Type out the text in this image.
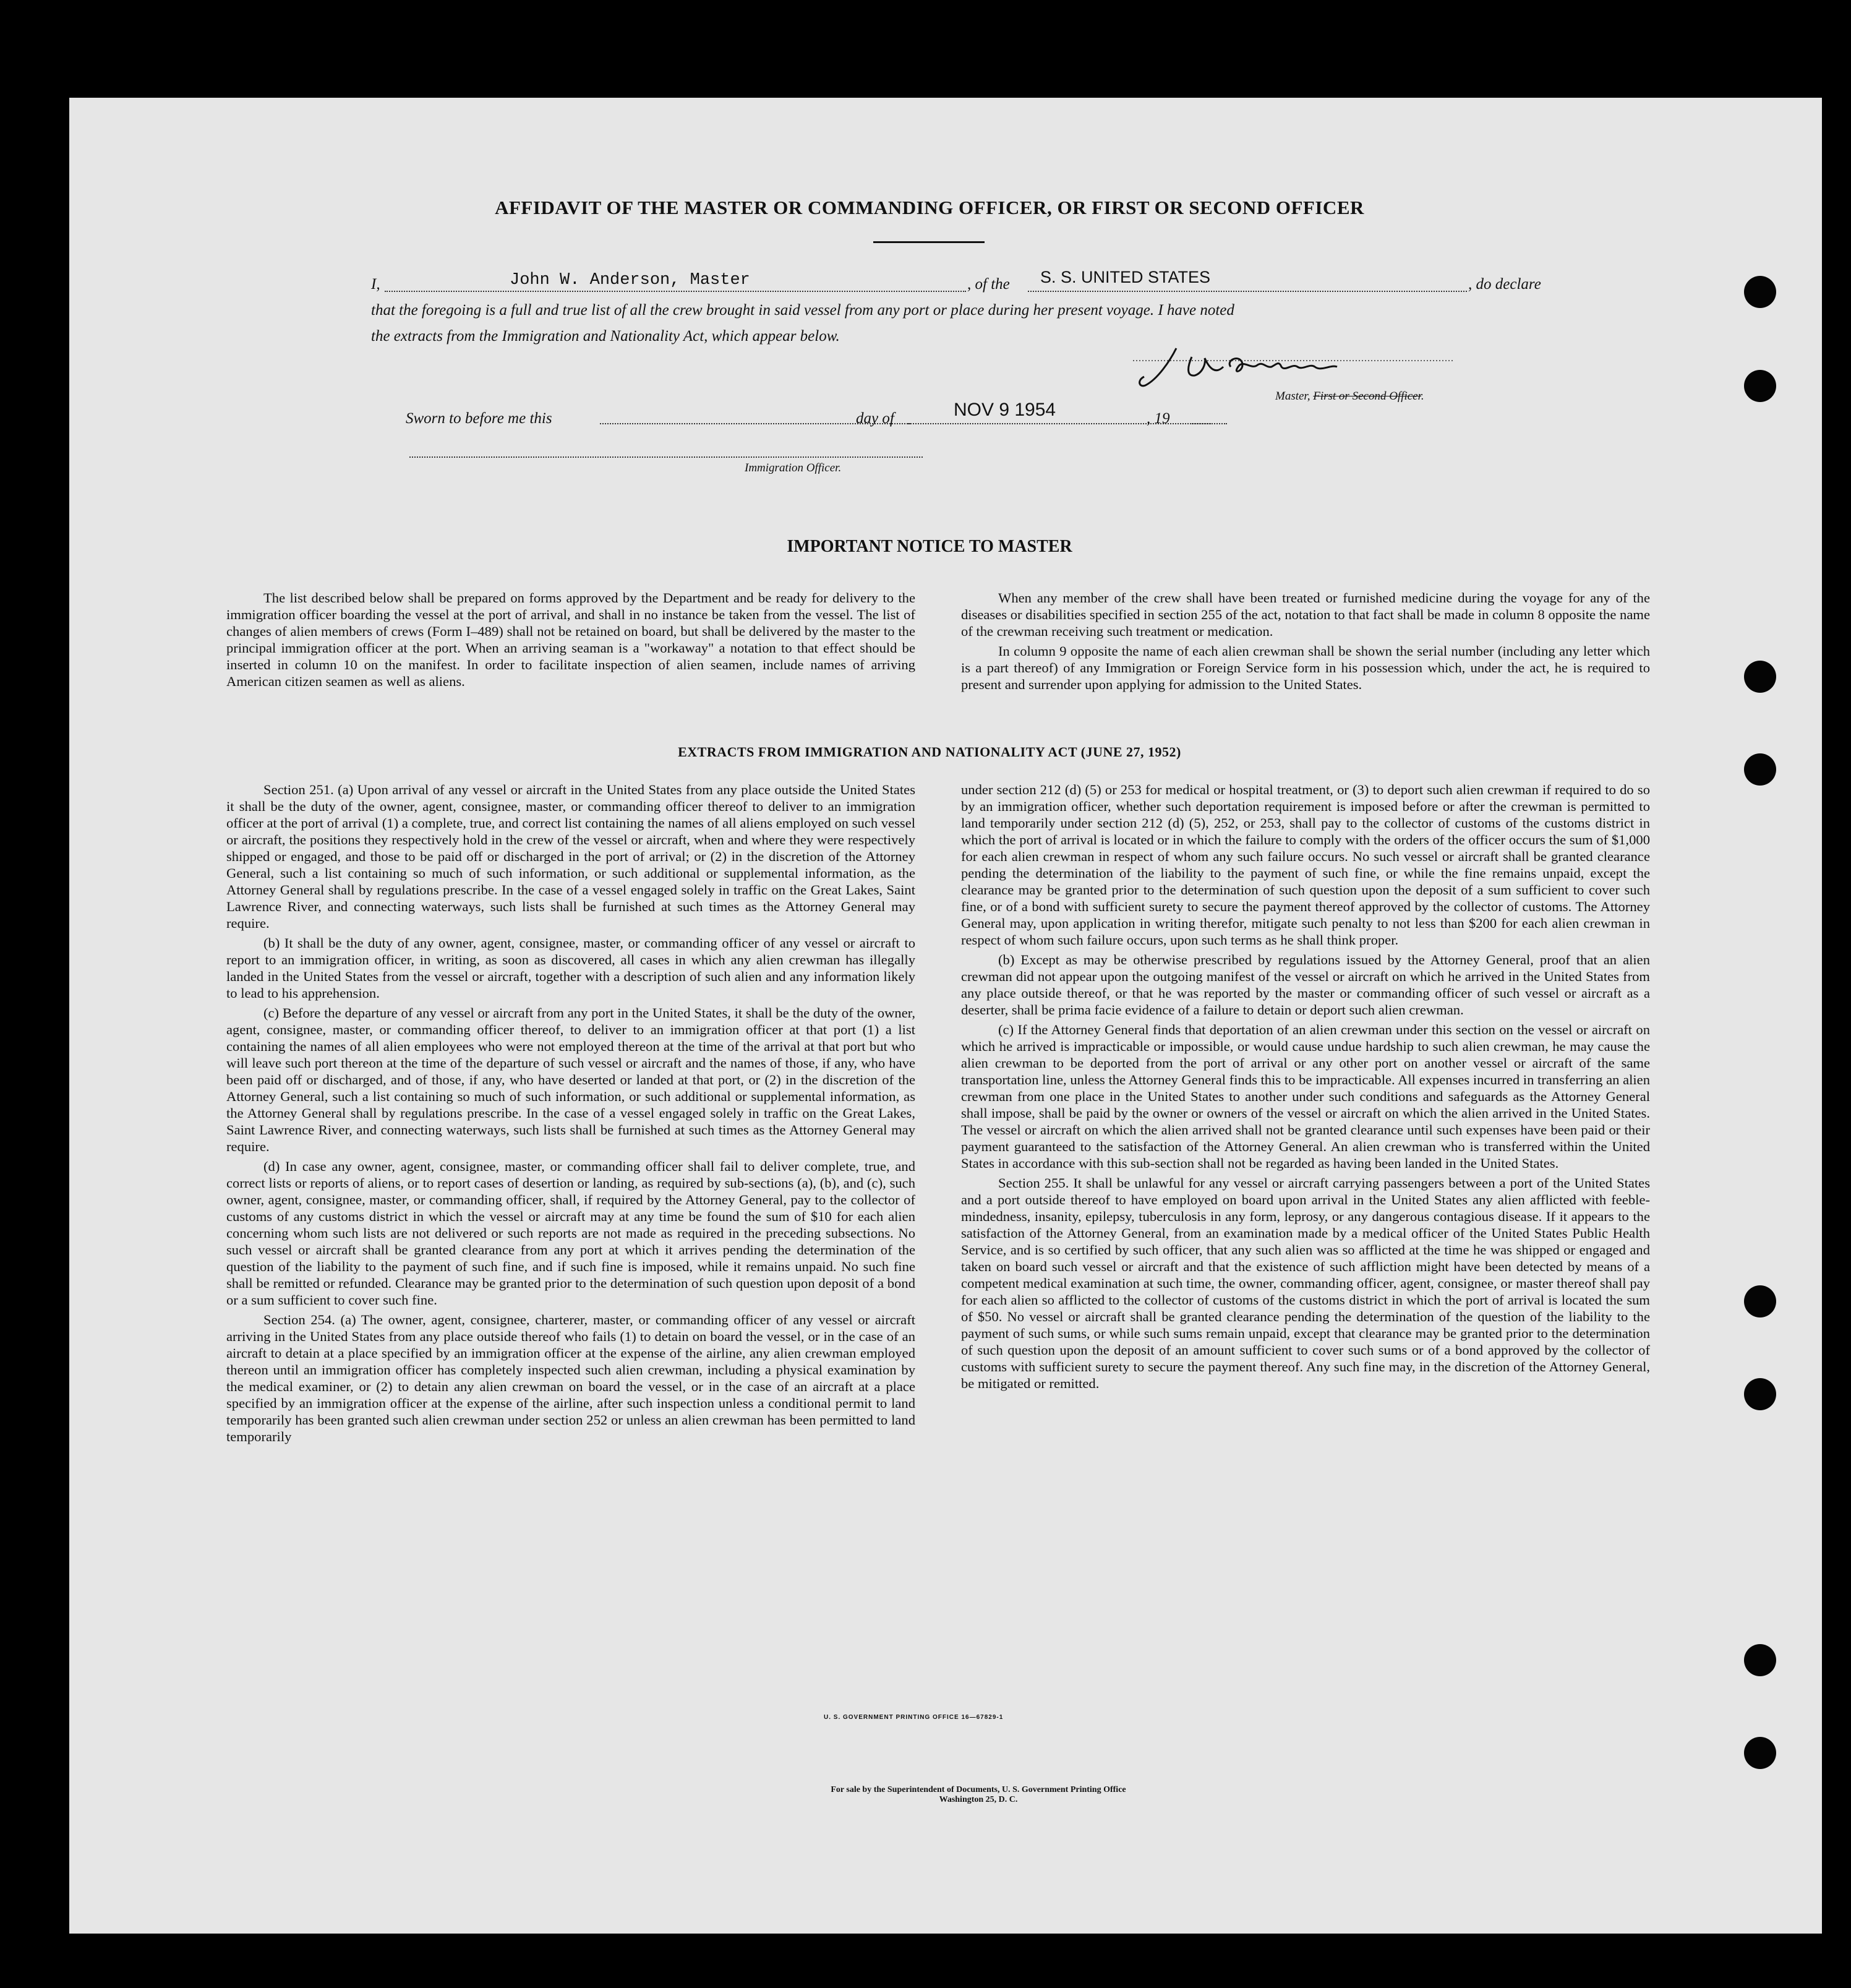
AFFIDAVIT OF THE MASTER OR COMMANDING OFFICER, OR FIRST OR SECOND OFFICER
I,	John W. Anderson, Master	, of the S. S. UNITED STATES	, do declare
that the foregoing is a full and true list of all the crew brought in said vessel from any port or place during her present voyage. I have noted
the extracts from the Immigration and Nationality Act, which appear below.
Master, First or Second Officer.
Sworn to before me this	day of	NOV 9 1954	, 19
Immigration Officer.
IMPORTANT NOTICE TO MASTER

The list described below shall be prepared on forms approved by the Department and be ready for delivery to the immigration officer boarding the vessel at the port of arrival, and shall in no instance be taken from the vessel. The list of changes of alien members of crews (Form I–489) shall not be retained on board, but shall be delivered by the master to the principal immigration officer at the port. When an arriving seaman is a "workaway" a notation to that effect should be inserted in column 10 on the manifest. In order to facilitate inspection of alien seamen, include names of arriving American citizen seamen as well as aliens.

When any member of the crew shall have been treated or furnished medicine during the voyage for any of the diseases or disabilities specified in section 255 of the act, notation to that fact shall be made in column 8 opposite the name of the crewman receiving such treatment or medication.

In column 9 opposite the name of each alien crewman shall be shown the serial number (including any letter which is a part thereof) of any Immigration or Foreign Service form in his possession which, under the act, he is required to present and surrender upon applying for admission to the United States.

EXTRACTS FROM IMMIGRATION AND NATIONALITY ACT (JUNE 27, 1952)

Section 251. (a) Upon arrival of any vessel or aircraft in the United States from any place outside the United States it shall be the duty of the owner, agent, consignee, master, or commanding officer thereof to deliver to an immigration officer at the port of arrival (1) a complete, true, and correct list containing the names of all aliens employed on such vessel or aircraft, the positions they respectively hold in the crew of the vessel or aircraft, when and where they were respectively shipped or engaged, and those to be paid off or discharged in the port of arrival; or (2) in the discretion of the Attorney General, such a list containing so much of such information, or such additional or supplemental information, as the Attorney General shall by regulations prescribe. In the case of a vessel engaged solely in traffic on the Great Lakes, Saint Lawrence River, and connecting waterways, such lists shall be furnished at such times as the Attorney General may require.

(b) It shall be the duty of any owner, agent, consignee, master, or commanding officer of any vessel or aircraft to report to an immigration officer, in writing, as soon as discovered, all cases in which any alien crewman has illegally landed in the United States from the vessel or aircraft, together with a description of such alien and any information likely to lead to his apprehension.

(c) Before the departure of any vessel or aircraft from any port in the United States, it shall be the duty of the owner, agent, consignee, master, or commanding officer thereof, to deliver to an immigration officer at that port (1) a list containing the names of all alien employees who were not employed thereon at the time of the arrival at that port but who will leave such port thereon at the time of the departure of such vessel or aircraft and the names of those, if any, who have been paid off or discharged, and of those, if any, who have deserted or landed at that port, or (2) in the discretion of the Attorney General, such a list containing so much of such information, or such additional or supplemental information, as the Attorney General shall by regulations prescribe. In the case of a vessel engaged solely in traffic on the Great Lakes, Saint Lawrence River, and connecting waterways, such lists shall be furnished at such times as the Attorney General may require.

(d) In case any owner, agent, consignee, master, or commanding officer shall fail to deliver complete, true, and correct lists or reports of aliens, or to report cases of desertion or landing, as required by sub-sections (a), (b), and (c), such owner, agent, consignee, master, or commanding officer, shall, if required by the Attorney General, pay to the collector of customs of any customs district in which the vessel or aircraft may at any time be found the sum of $10 for each alien concerning whom such lists are not delivered or such reports are not made as required in the preceding subsections. No such vessel or aircraft shall be granted clearance from any port at which it arrives pending the determination of the question of the liability to the payment of such fine, and if such fine is imposed, while it remains unpaid. No such fine shall be remitted or refunded. Clearance may be granted prior to the determination of such question upon deposit of a bond or a sum sufficient to cover such fine.

Section 254. (a) The owner, agent, consignee, charterer, master, or commanding officer of any vessel or aircraft arriving in the United States from any place outside thereof who fails (1) to detain on board the vessel, or in the case of an aircraft to detain at a place specified by an immigration officer at the expense of the airline, any alien crewman employed thereon until an immigration officer has completely inspected such alien crewman, including a physical examination by the medical examiner, or (2) to detain any alien crewman on board the vessel, or in the case of an aircraft at a place specified by an immigration officer at the expense of the airline, after such inspection unless a conditional permit to land temporarily has been granted such alien crewman under section 252 or unless an alien crewman has been permitted to land temporarily

under section 212 (d) (5) or 253 for medical or hospital treatment, or (3) to deport such alien crewman if required to do so by an immigration officer, whether such deportation requirement is imposed before or after the crewman is permitted to land temporarily under section 212 (d) (5), 252, or 253, shall pay to the collector of customs of the customs district in which the port of arrival is located or in which the failure to comply with the orders of the officer occurs the sum of $1,000 for each alien crewman in respect of whom any such failure occurs. No such vessel or aircraft shall be granted clearance pending the determination of the liability to the payment of such fine, or while the fine remains unpaid, except the clearance may be granted prior to the determination of such question upon the deposit of a sum sufficient to cover such fine, or of a bond with sufficient surety to secure the payment thereof approved by the collector of customs. The Attorney General may, upon application in writing therefor, mitigate such penalty to not less than $200 for each alien crewman in respect of whom such failure occurs, upon such terms as he shall think proper.

(b) Except as may be otherwise prescribed by regulations issued by the Attorney General, proof that an alien crewman did not appear upon the outgoing manifest of the vessel or aircraft on which he arrived in the United States from any place outside thereof, or that he was reported by the master or commanding officer of such vessel or aircraft as a deserter, shall be prima facie evidence of a failure to detain or deport such alien crewman.

(c) If the Attorney General finds that deportation of an alien crewman under this section on the vessel or aircraft on which he arrived is impracticable or impossible, or would cause undue hardship to such alien crewman, he may cause the alien crewman to be deported from the port of arrival or any other port on another vessel or aircraft of the same transportation line, unless the Attorney General finds this to be impracticable. All expenses incurred in transferring an alien crewman from one place in the United States to another under such conditions and safeguards as the Attorney General shall impose, shall be paid by the owner or owners of the vessel or aircraft on which the alien arrived in the United States. The vessel or aircraft on which the alien arrived shall not be granted clearance until such expenses have been paid or their payment guaranteed to the satisfaction of the Attorney General. An alien crewman who is transferred within the United States in accordance with this sub-section shall not be regarded as having been landed in the United States.

Section 255. It shall be unlawful for any vessel or aircraft carrying passengers between a port of the United States and a port outside thereof to have employed on board upon arrival in the United States any alien afflicted with feeble-mindedness, insanity, epilepsy, tuberculosis in any form, leprosy, or any dangerous contagious disease. If it appears to the satisfaction of the Attorney General, from an examination made by a medical officer of the United States Public Health Service, and is so certified by such officer, that any such alien was so afflicted at the time he was shipped or engaged and taken on board such vessel or aircraft and that the existence of such affliction might have been detected by means of a competent medical examination at such time, the owner, commanding officer, agent, consignee, or master thereof shall pay for each alien so afflicted to the collector of customs of the customs district in which the port of arrival is located the sum of $50. No vessel or aircraft shall be granted clearance pending the determination of the question of the liability to the payment of such sums, or while such sums remain unpaid, except that clearance may be granted prior to the determination of such question upon the deposit of an amount sufficient to cover such sums or of a bond approved by the collector of customs with sufficient surety to secure the payment thereof. Any such fine may, in the discretion of the Attorney General, be mitigated or remitted.

U. S. GOVERNMENT PRINTING OFFICE 16—67829-1
For sale by the Superintendent of Documents, U. S. Government Printing Office
Washington 25, D. C.
